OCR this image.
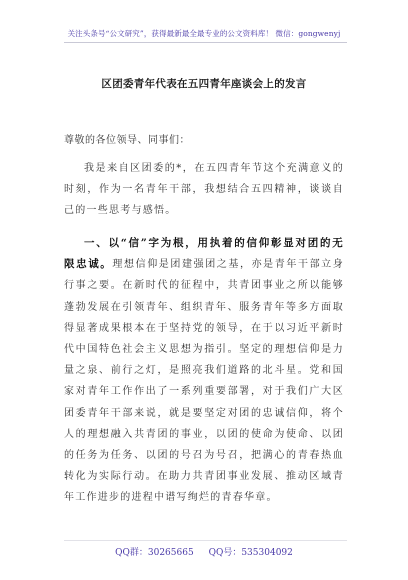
关注头条号“公文研究”，获得最新最全最专业的公文资料库！ 微信：gongwenyj
区团委青年代表在五四青年座谈会上的发言
尊敬的各位领导、同事们：

我是来自区团委的*，在五四青年节这个充满意义的时刻，作为一名青年干部，我想结合五四精神，谈谈自己的一些思考与感悟。

一、以“信”字为根，用执着的信仰彰显对团的无限忠诚。理想信仰是团建强团之基，亦是青年干部立身行事之要。在新时代的征程中，共青团事业之所以能够蓬勃发展在引领青年、组织青年、服务青年等多方面取得显著成果根本在于坚持党的领导，在于以习近平新时代中国特色社会主义思想为指引。坚定的理想信仰是力量之泉、前行之灯，是照亮我们道路的北斗星。党和国家对青年工作作出了一系列重要部署，对于我们广大区团委青年干部来说，就是要坚定对团的忠诚信仰，将个人的理想融入共青团的事业，以团的使命为使命、以团的任务为任务、以团的号召为号召，把满心的青春热血转化为实际行动。在助力共青团事业发展、推动区域青年工作进步的进程中谱写绚烂的青春华章。

QQ群：30265665 QQ号：535304092
